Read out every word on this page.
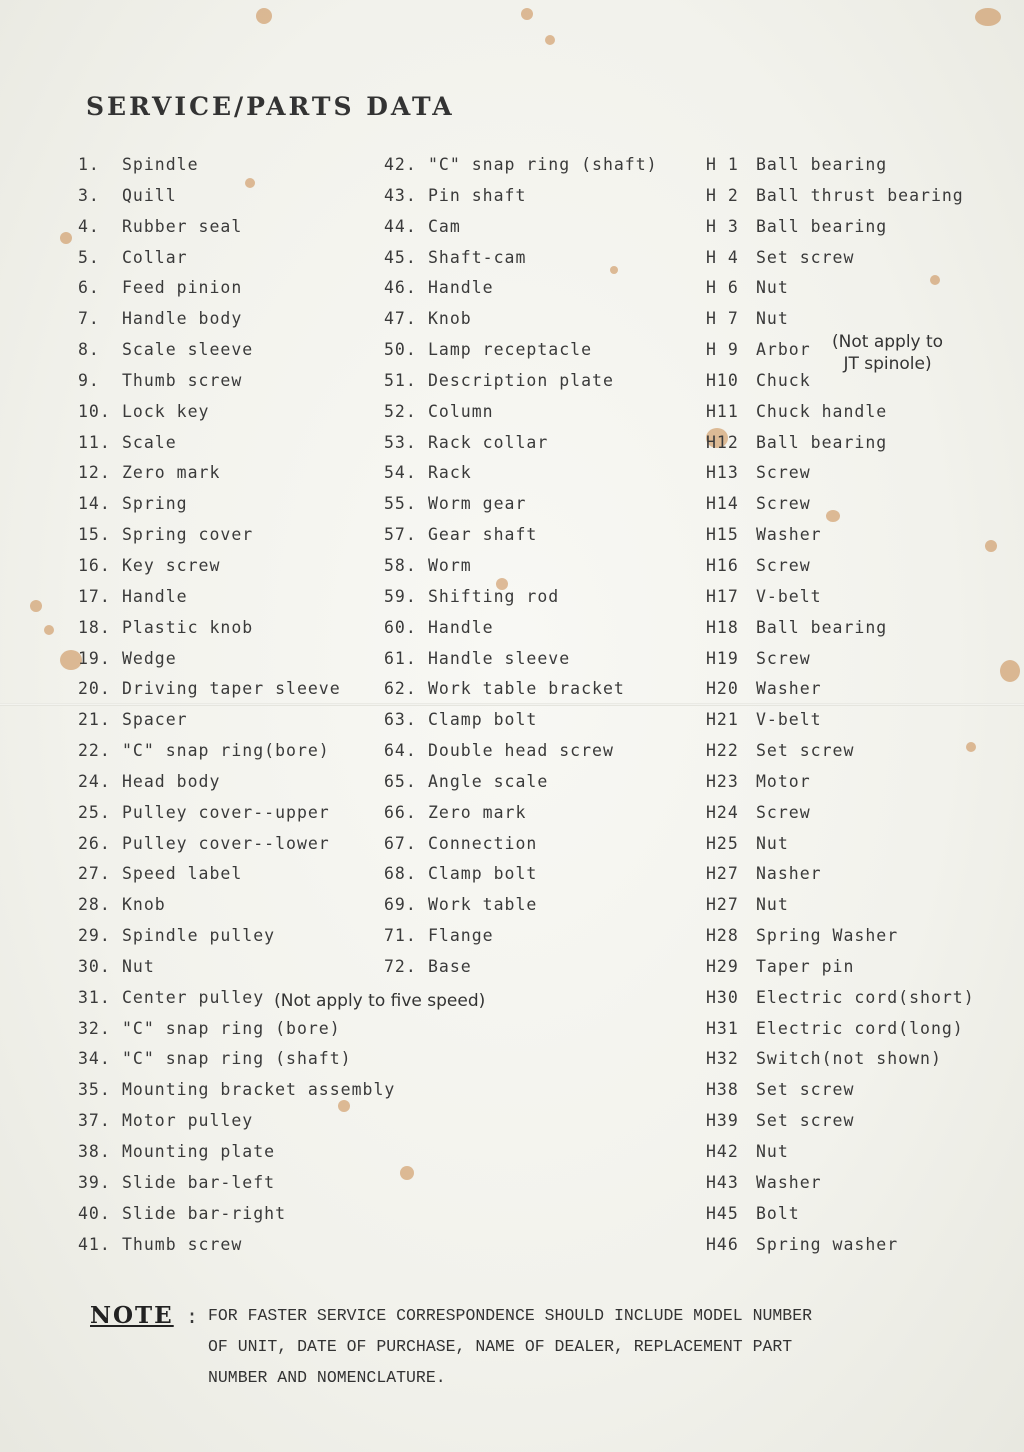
SERVICE/PARTS DATA
1. Spindle
3. Quill
4. Rubber seal
5. Collar
6. Feed pinion
7. Handle body
8. Scale sleeve
9. Thumb screw
10. Lock key
11. Scale
12. Zero mark
14. Spring
15. Spring cover
16. Key screw
17. Handle
18. Plastic knob
19. Wedge
20. Driving taper sleeve
21. Spacer
22. "C" snap ring(bore)
24. Head body
25. Pulley cover--upper
26. Pulley cover--lower
27. Speed label
28. Knob
29. Spindle pulley
30. Nut
31. Center pulley
32. "C" snap ring (bore)
34. "C" snap ring (shaft)
35. Mounting bracket assembly
37. Motor pulley
38. Mounting plate
39. Slide bar-left
40. Slide bar-right
41. Thumb screw
42. "C" snap ring (shaft)
43. Pin shaft
44. Cam
45. Shaft-cam
46. Handle
47. Knob
50. Lamp receptacle
51. Description plate
52. Column
53. Rack collar
54. Rack
55. Worm gear
57. Gear shaft
58. Worm
59. Shifting rod
60. Handle
61. Handle sleeve
62. Work table bracket
63. Clamp bolt
64. Double head screw
65. Angle scale
66. Zero mark
67. Connection
68. Clamp bolt
69. Work table
71. Flange
72. Base
H 1 Ball bearing
H 2 Ball thrust bearing
H 3 Ball bearing
H 4 Set screw
H 6 Nut
H 7 Nut
H 9 Arbor
H10 Chuck
H11 Chuck handle
H12 Ball bearing
H13 Screw
H14 Screw
H15 Washer
H16 Screw
H17 V-belt
H18 Ball bearing
H19 Screw
H20 Washer
H21 V-belt
H22 Set screw
H23 Motor
H24 Screw
H25 Nut
H27 Nasher
H27 Nut
H28 Spring Washer
H29 Taper pin
H30 Electric cord(short)
H31 Electric cord(long)
H32 Switch(not shown)
H38 Set screw
H39 Set screw
H42 Nut
H43 Washer
H45 Bolt
H46 Spring washer
(Not apply to
JT spinole)
(Not apply to five speed)
NOTE : FOR FASTER SERVICE CORRESPONDENCE SHOULD INCLUDE MODEL NUMBER
OF UNIT, DATE OF PURCHASE, NAME OF DEALER, REPLACEMENT PART
NUMBER AND NOMENCLATURE.
